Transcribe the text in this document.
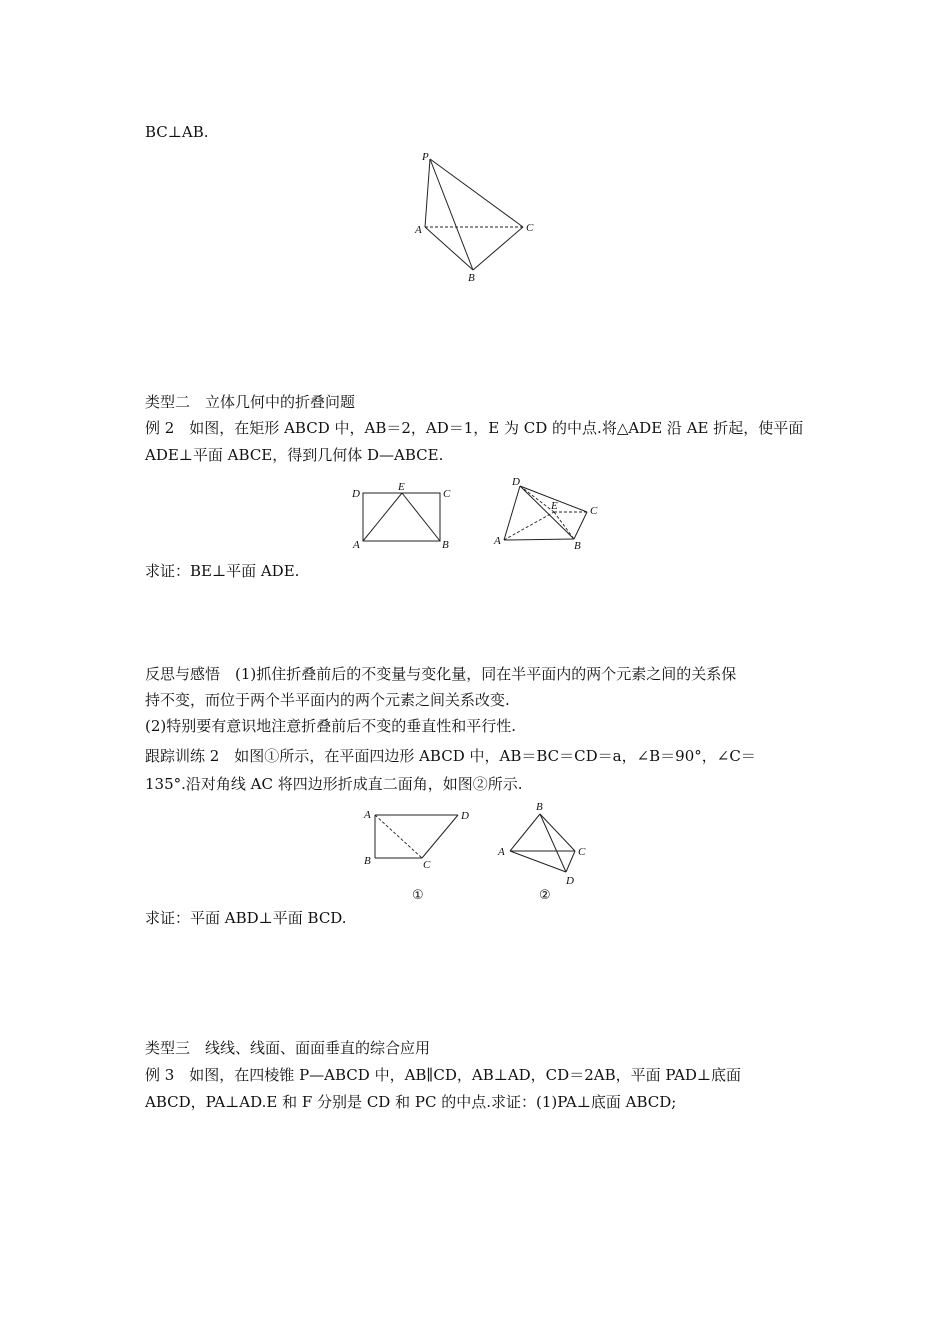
BC⊥AB.
P
A
B
C
类型二　立体几何中的折叠问题
例 2　如图，在矩形 ABCD 中，AB＝2，AD＝1，E 为 CD 的中点.将△ADE 沿 AE 折起，使平面
ADE⊥平面 ABCE，得到几何体 D—ABCE.
D
E
C
A	B
D
E	C
A	B
求证：BE⊥平面 ADE.
反思与感悟　(1)抓住折叠前后的不变量与变化量，同在半平面内的两个元素之间的关系保
持不变，而位于两个半平面内的两个元素之间关系改变.
(2)特别要有意识地注意折叠前后不变的垂直性和平行性.
跟踪训练 2　如图①所示，在平面四边形 ABCD 中，AB＝BC＝CD＝a，∠B＝90°，∠C＝
135°.沿对角线 AC 将四边形折成直二面角，如图②所示.
A	D
B	C
①
B
A	C
D
②
求证：平面 ABD⊥平面 BCD.
类型三　线线、线面、面面垂直的综合应用
例 3　如图，在四棱锥 P—ABCD 中，AB∥CD，AB⊥AD，CD＝2AB，平面 PAD⊥底面
ABCD，PA⊥AD.E 和 F 分别是 CD 和 PC 的中点.求证：(1)PA⊥底面 ABCD;
